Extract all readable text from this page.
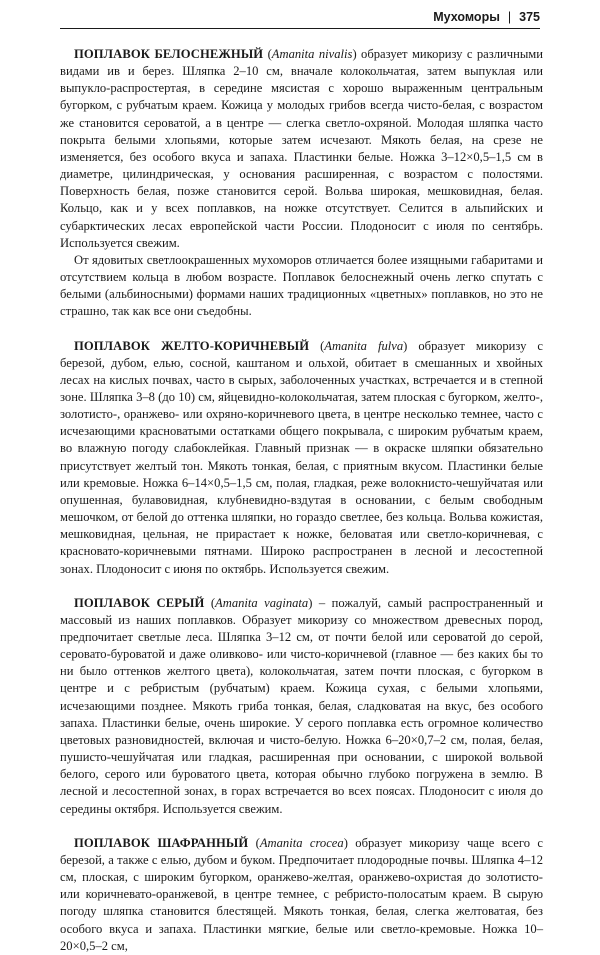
Мухоморы | 375

ПОПЛАВОК БЕЛОСНЕЖНЫЙ (Amanita nivalis) образует микоризу с различными видами ив и берез. Шляпка 2–10 см, вначале колокольчатая, затем выпуклая или выпукло-распростертая, в середине мясистая с хорошо выраженным центральным бугорком, с рубчатым краем. Кожица у молодых грибов всегда чисто-белая, с возрастом же становится сероватой, а в центре — слегка светло-охряной. Молодая шляпка часто покрыта белыми хлопьями, которые затем исчезают. Мякоть белая, на срезе не изменяется, без особого вкуса и запаха. Пластинки белые. Ножка 3–12×0,5–1,5 см в диаметре, цилиндрическая, у основания расширенная, с возрастом с полостями. Поверхность белая, позже становится серой. Вольва широкая, мешковидная, белая. Кольцо, как и у всех поплавков, на ножке отсутствует. Селится в альпийских и субарктических лесах европейской части России. Плодоносит с июля по сентябрь. Используется свежим.

От ядовитых светлоокрашенных мухоморов отличается более изящными габаритами и отсутствием кольца в любом возрасте. Поплавок белоснежный очень легко спутать с белыми (альбиносными) формами наших традиционных «цветных» поплавков, но это не страшно, так как все они съедобны.

ПОПЛАВОК ЖЕЛТО-КОРИЧНЕВЫЙ (Amanita fulva) образует микоризу с березой, дубом, елью, сосной, каштаном и ольхой, обитает в смешанных и хвойных лесах на кислых почвах, часто в сырых, заболоченных участках, встречается и в степной зоне. Шляпка 3–8 (до 10) см, яйцевидно-колокольчатая, затем плоская с бугорком, желто-, золотисто-, оранжево- или охряно-коричневого цвета, в центре несколько темнее, часто с исчезающими красноватыми остатками общего покрывала, с широким рубчатым краем, во влажную погоду слабоклейкая. Главный признак — в окраске шляпки обязательно присутствует желтый тон. Мякоть тонкая, белая, с приятным вкусом. Пластинки белые или кремовые. Ножка 6–14×0,5–1,5 см, полая, гладкая, реже волокнисто-чешуйчатая или опушенная, булавовидная, клубневидно-вздутая в основании, с белым свободным мешочком, от белой до оттенка шляпки, но гораздо светлее, без кольца. Вольва кожистая, мешковидная, цельная, не прирастает к ножке, беловатая или светло-коричневая, с красновато-коричневыми пятнами. Широко распространен в лесной и лесостепной зонах. Плодоносит с июня по октябрь. Используется свежим.

ПОПЛАВОК СЕРЫЙ (Amanita vaginata) – пожалуй, самый распространенный и массовый из наших поплавков. Образует микоризу со множеством древесных пород, предпочитает светлые леса. Шляпка 3–12 см, от почти белой или сероватой до серой, серовато-буроватой и даже оливково- или чисто-коричневой (главное — без каких бы то ни было оттенков желтого цвета), колокольчатая, затем почти плоская, с бугорком в центре и с ребристым (рубчатым) краем. Кожица сухая, с белыми хлопьями, исчезающими позднее. Мякоть гриба тонкая, белая, сладковатая на вкус, без особого запаха. Пластинки белые, очень широкие. У серого поплавка есть огромное количество цветовых разновидностей, включая и чисто-белую. Ножка 6–20×0,7–2 см, полая, белая, пушисто-чешуйчатая или гладкая, расширенная при основании, с широкой вольвой белого, серого или буроватого цвета, которая обычно глубоко погружена в землю. В лесной и лесостепной зонах, в горах встречается во всех поясах. Плодоносит с июля до середины октября. Используется свежим.

ПОПЛАВОК ШАФРАННЫЙ (Amanita crocea) образует микоризу чаще всего с березой, а также с елью, дубом и буком. Предпочитает плодородные почвы. Шляпка 4–12 см, плоская, с широким бугорком, оранжево-желтая, оранжево-охристая до золотисто- или коричневато-оранжевой, в центре темнее, с ребристо-полосатым краем. В сырую погоду шляпка становится блестящей. Мякоть тонкая, белая, слегка желтоватая, без особого вкуса и запаха. Пластинки мягкие, белые или светло-кремовые. Ножка 10–20×0,5–2 см,
